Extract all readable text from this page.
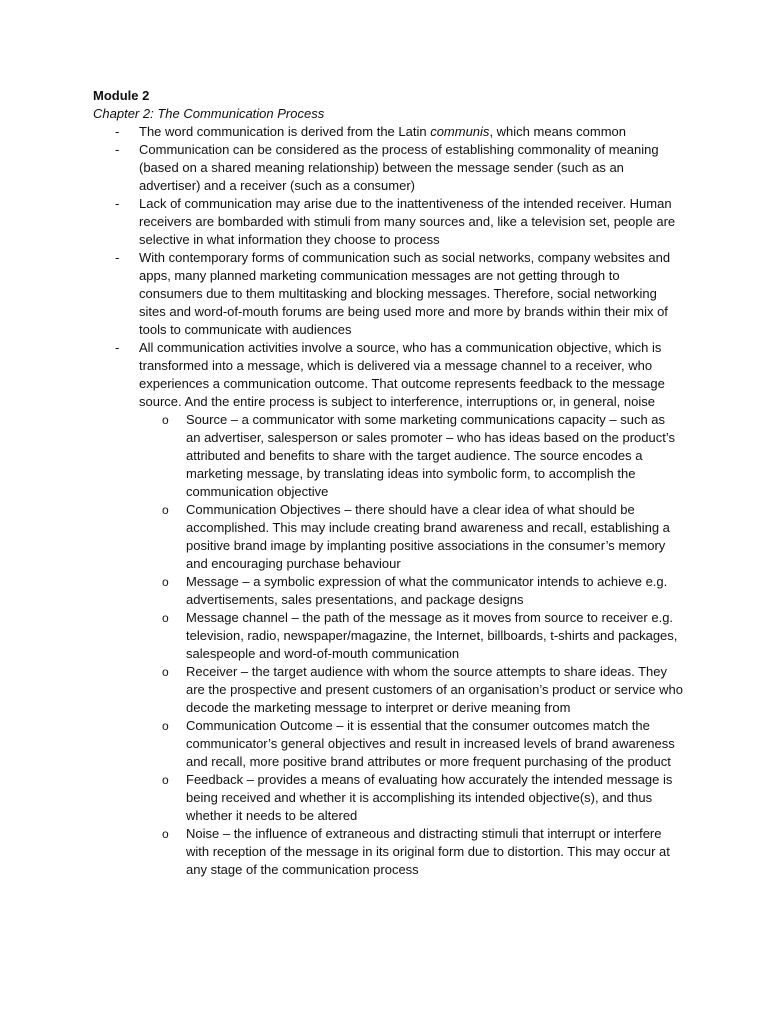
Module 2

Chapter 2: The Communication Process

-	The word communication is derived from the Latin communis, which means common
-	Communication can be considered as the process of establishing commonality of meaning (based on a shared meaning relationship) between the message sender (such as an advertiser) and a receiver (such as a consumer)
-	Lack of communication may arise due to the inattentiveness of the intended receiver. Human receivers are bombarded with stimuli from many sources and, like a television set, people are selective in what information they choose to process
-	With contemporary forms of communication such as social networks, company websites and apps, many planned marketing communication messages are not getting through to consumers due to them multitasking and blocking messages. Therefore, social networking sites and word-of-mouth forums are being used more and more by brands within their mix of tools to communicate with audiences
-	All communication activities involve a source, who has a communication objective, which is transformed into a message, which is delivered via a message channel to a receiver, who experiences a communication outcome. That outcome represents feedback to the message source. And the entire process is subject to interference, interruptions or, in general, noise
o	Source – a communicator with some marketing communications capacity – such as an advertiser, salesperson or sales promoter – who has ideas based on the product’s attributed and benefits to share with the target audience. The source encodes a marketing message, by translating ideas into symbolic form, to accomplish the communication objective
o	Communication Objectives – there should have a clear idea of what should be accomplished. This may include creating brand awareness and recall, establishing a positive brand image by implanting positive associations in the consumer’s memory and encouraging purchase behaviour
o	Message – a symbolic expression of what the communicator intends to achieve e.g. advertisements, sales presentations, and package designs
o	Message channel – the path of the message as it moves from source to receiver e.g. television, radio, newspaper/magazine, the Internet, billboards, t-shirts and packages, salespeople and word-of-mouth communication
o	Receiver – the target audience with whom the source attempts to share ideas. They are the prospective and present customers of an organisation’s product or service who decode the marketing message to interpret or derive meaning from
o	Communication Outcome – it is essential that the consumer outcomes match the communicator’s general objectives and result in increased levels of brand awareness and recall, more positive brand attributes or more frequent purchasing of the product
o	Feedback – provides a means of evaluating how accurately the intended message is being received and whether it is accomplishing its intended objective(s), and thus whether it needs to be altered
o	Noise – the influence of extraneous and distracting stimuli that interrupt or interfere with reception of the message in its original form due to distortion. This may occur at any stage of the communication process
